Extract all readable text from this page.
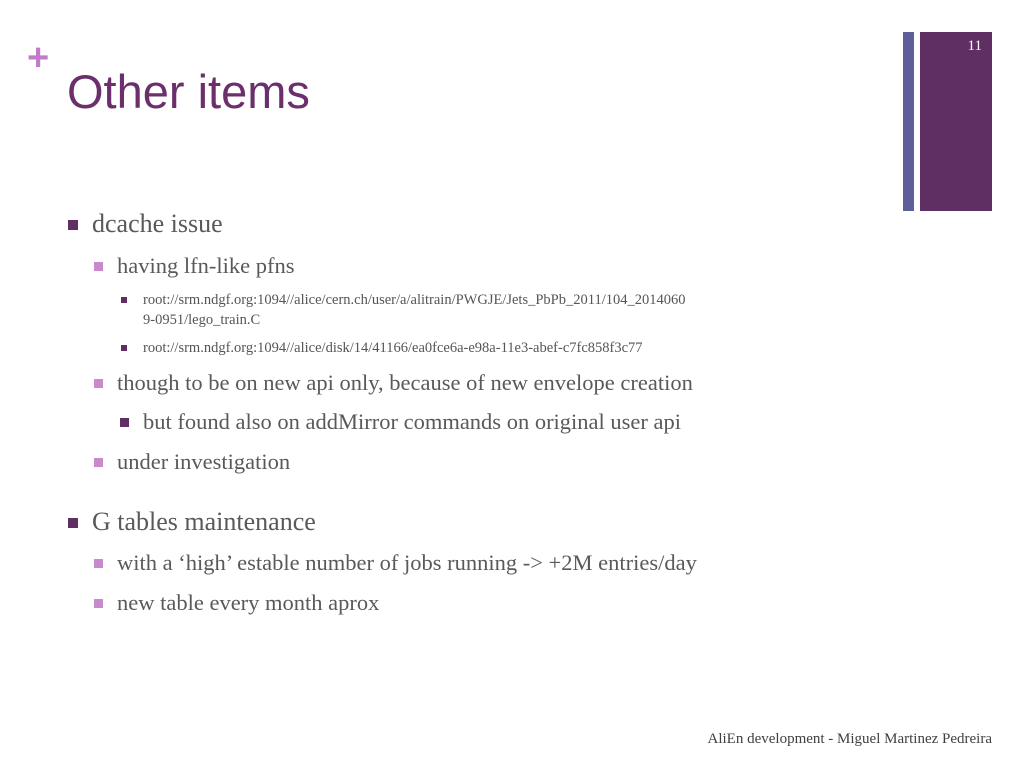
+
Other items
11
dcache issue
having lfn-like pfns
root://srm.ndgf.org:1094//alice/cern.ch/user/a/alitrain/PWGJE/Jets_PbPb_2011/104_2014060
9-0951/lego_train.C
root://srm.ndgf.org:1094//alice/disk/14/41166/ea0fce6a-e98a-11e3-abef-c7fc858f3c77
though to be on new api only, because of new envelope creation
but found also on addMirror commands on original user api
under investigation
G tables maintenance
with a ‘high’ estable number of jobs running -> +2M entries/day
new table every month aprox
AliEn development - Miguel Martinez Pedreira
